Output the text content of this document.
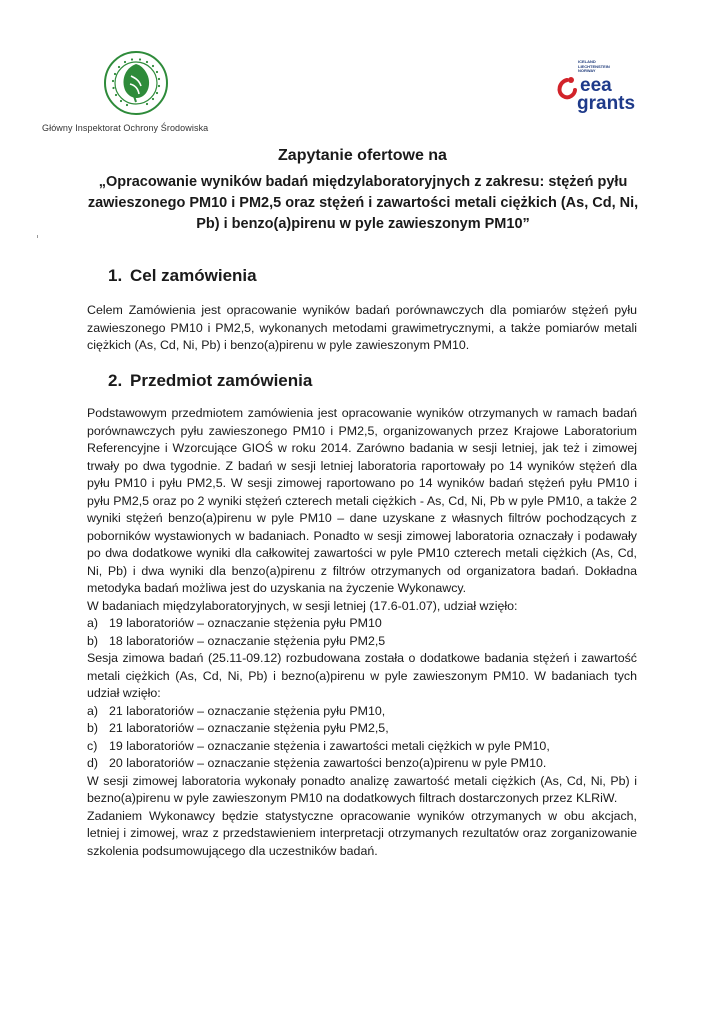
Główny Inspektorat Ochrony Środowiska
ICELAND
LIECHTENSTEIN
NORWAY
eea
grants
Zapytanie ofertowe na
„Opracowanie wyników badań międzylaboratoryjnych z zakresu: stężeń pyłu zawieszonego PM10 i PM2,5 oraz stężeń i zawartości metali ciężkich (As, Cd, Ni, Pb) i benzo(a)pirenu w pyle zawieszonym PM10”
1. Cel zamówienia

Celem Zamówienia jest opracowanie wyników badań porównawczych dla pomiarów stężeń pyłu zawieszonego PM10 i PM2,5, wykonanych metodami grawimetrycznymi, a także pomiarów metali ciężkich (As, Cd, Ni, Pb) i benzo(a)pirenu w pyle zawieszonym PM10.

2. Przedmiot zamówienia

Podstawowym przedmiotem zamówienia jest opracowanie wyników otrzymanych w ramach badań porównawczych pyłu zawieszonego PM10 i PM2,5, organizowanych przez Krajowe Laboratorium Referencyjne i Wzorcujące GIOŚ w roku 2014. Zarówno badania w sesji letniej, jak też i zimowej trwały po dwa tygodnie. Z badań w sesji letniej laboratoria raportowały po 14 wyników stężeń dla pyłu PM10 i pyłu PM2,5. W sesji zimowej raportowano po 14 wyników badań stężeń pyłu PM10 i pyłu PM2,5 oraz po 2 wyniki stężeń czterech metali ciężkich - As, Cd, Ni, Pb w pyle PM10, a także 2 wyniki stężeń benzo(a)pirenu w pyle PM10 – dane uzyskane z własnych filtrów pochodzących z poborników wystawionych w badaniach. Ponadto w sesji zimowej laboratoria oznaczały i podawały po dwa dodatkowe wyniki dla całkowitej zawartości w pyle PM10 czterech metali ciężkich (As, Cd, Ni, Pb) i dwa wyniki dla benzo(a)pirenu z filtrów otrzymanych od organizatora badań. Dokładna metodyka badań możliwa jest do uzyskania na życzenie Wykonawcy.

W badaniach międzylaboratoryjnych, w sesji letniej (17.6-01.07), udział wzięło:

a) 19 laboratoriów – oznaczanie stężenia pyłu PM10
b) 18 laboratoriów – oznaczanie stężenia pyłu PM2,5

Sesja zimowa badań (25.11-09.12) rozbudowana została o dodatkowe badania stężeń i zawartość metali ciężkich (As, Cd, Ni, Pb) i bezno(a)pirenu w pyle zawieszonym PM10. W badaniach tych udział wzięło:

a) 21 laboratoriów – oznaczanie stężenia pyłu PM10,
b) 21 laboratoriów – oznaczanie stężenia pyłu PM2,5,
c) 19 laboratoriów – oznaczanie stężenia i zawartości metali ciężkich w pyle PM10,
d) 20 laboratoriów – oznaczanie stężenia zawartości benzo(a)pirenu w pyle PM10.

W sesji zimowej laboratoria wykonały ponadto analizę zawartość metali ciężkich (As, Cd, Ni, Pb) i bezno(a)pirenu w pyle zawieszonym PM10 na dodatkowych filtrach dostarczonych przez KLRiW.

Zadaniem Wykonawcy będzie statystyczne opracowanie wyników otrzymanych w obu akcjach, letniej i zimowej, wraz z przedstawieniem interpretacji otrzymanych rezultatów oraz zorganizowanie szkolenia podsumowującego dla uczestników badań.
